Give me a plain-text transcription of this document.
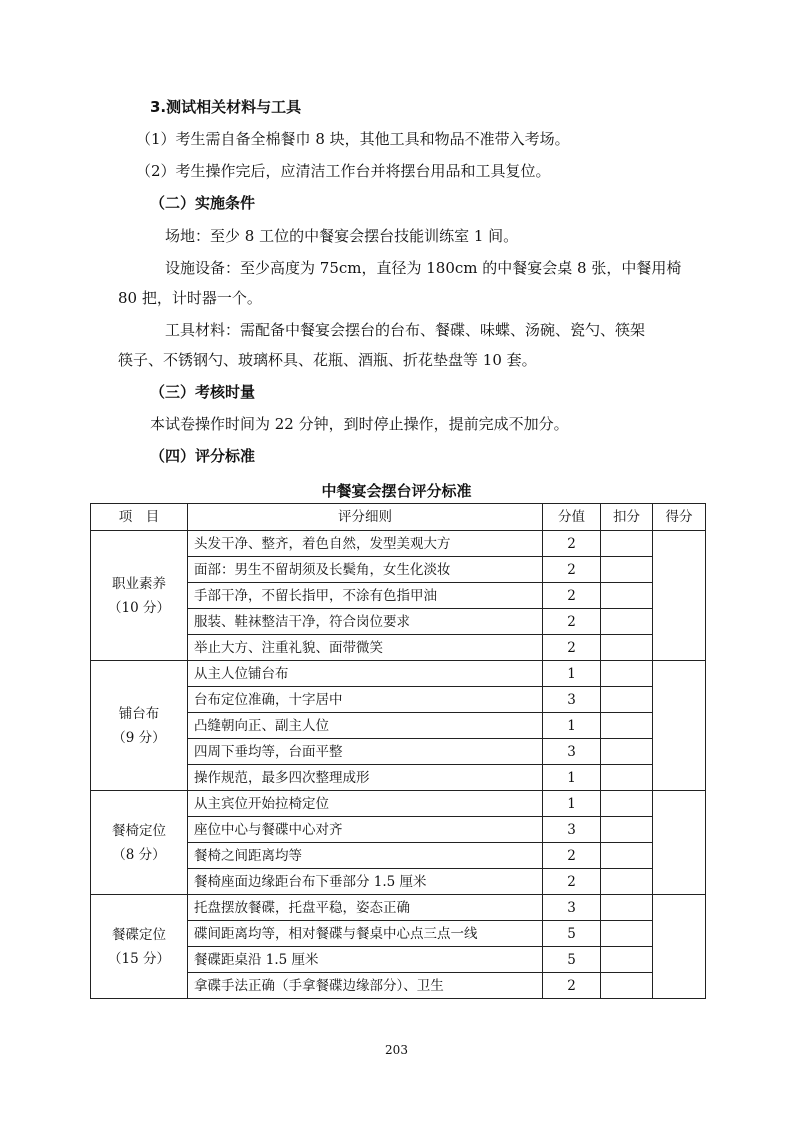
3.测试相关材料与工具
（1）考生需自备全棉餐巾 8 块，其他工具和物品不准带入考场。
（2）考生操作完后，应清洁工作台并将摆台用品和工具复位。
（二）实施条件
场地：至少 8 工位的中餐宴会摆台技能训练室 1 间。
设施设备：至少高度为 75cm，直径为 180cm 的中餐宴会桌 8 张，中餐用椅
80 把，计时器一个。
工具材料：需配备中餐宴会摆台的台布、餐碟、味蝶、汤碗、瓷勺、筷架
筷子、不锈钢勺、玻璃杯具、花瓶、酒瓶、折花垫盘等 10 套。
（三）考核时量
本试卷操作时间为 22 分钟，到时停止操作，提前完成不加分。
（四）评分标准
中餐宴会摆台评分标准
项　目	评分细则	分值	扣分	得分

职业素养
（10 分）	头发干净、整齐，着色自然，发型美观大方	2		
	面部：男生不留胡须及长鬓角，女生化淡妆	2		
	手部干净，不留长指甲，不涂有色指甲油	2		
	服装、鞋袜整洁干净，符合岗位要求	2		
	举止大方、注重礼貌、面带微笑	2		

铺台布
（9 分）	从主人位铺台布	1		
	台布定位准确，十字居中	3		
	凸缝朝向正、副主人位	1		
	四周下垂均等，台面平整	3		
	操作规范，最多四次整理成形	1		

餐椅定位
（8 分）	从主宾位开始拉椅定位	1		
	座位中心与餐碟中心对齐	3		
	餐椅之间距离均等	2		
	餐椅座面边缘距台布下垂部分 1.5 厘米	2		

餐碟定位
（15 分）	托盘摆放餐碟，托盘平稳，姿态正确	3		
	碟间距离均等，相对餐碟与餐桌中心点三点一线	5		
	餐碟距桌沿 1.5 厘米	5		
	拿碟手法正确（手拿餐碟边缘部分）、卫生	2		
203
